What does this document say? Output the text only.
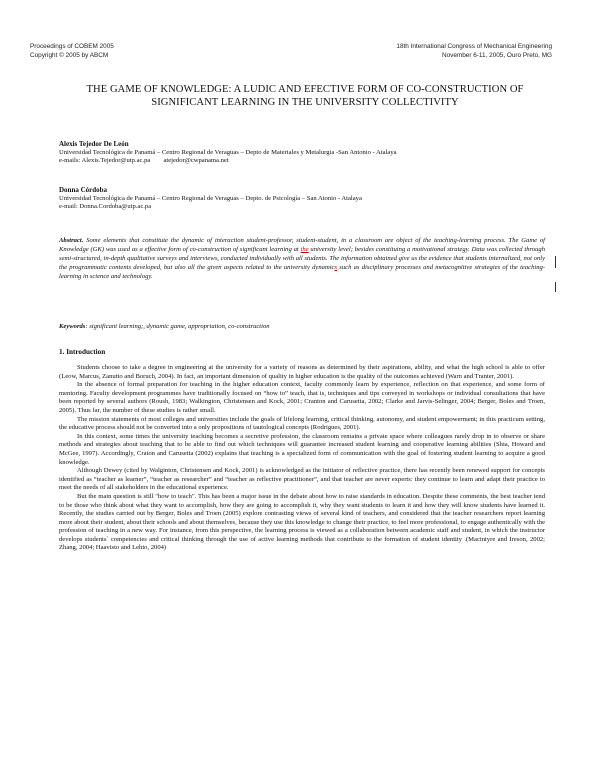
Proceedings of COBEM 2005
Copyright © 2005 by ABCM
18th International Congress of Mechanical Engineering
November 6-11, 2005, Ouro Preto, MG
THE GAME OF KNOWLEDGE: A LUDIC AND EFECTIVE FORM OF CO-CONSTRUCTION OF SIGNIFICANT LEARNING IN THE UNIVERSITY COLLECTIVITY
Alexis Tejedor De León
Universidad Tecnológica de Panamá – Centro Regional de Veraguas – Depto de Materiales y Metalurgia -San Antonio - Atalaya
e-mails: Alexis.Tejedor@utp.ac.pa        atejedor@cwpanama.net
Donna Córdoba
Universidad Tecnológica de Panamá – Centro Regional de Veraguas – Depto. de Psicología – San Atonio - Atalaya
e-mail: Donna.Cordoba@utp.ac.pa
Abstract. Some elements that constitute the dynamic of interaction student-professor, student-student, in a classroom are object of the teaching-learning process. The Game of Knowledge (GK) was used as a effective form of co-construction of significant learning at the university level; besides constituing a motivational strategy. Data was collected through semi-structured, in-depth qualitative surveys and interviews, conducted individually with all students. The information obtained give us the evidence that students internalized, not only the programmatic contents developed, but also all the given aspects related to the university dynamics such as disciplinary processes and metacognitive strategies of the teaching-learning in science and technology.
Keywords: significant learning;, dynamic game, appropriation, co-construction
1. Introduction

Students choose to take a degree in engineering at the university for a variety of reasons as determined by their aspirations, ability, and what the high school is able to offer (Leow, Marcus, Zanutto and Boruch, 2004). In fact, an important dimension of quality in higher education is the quality of the outcomes achieved (Warn and Tranter, 2001).

In the absence of formal preparation for teaching in the higher education context, faculty commonly learn by experience, reflection on that experience, and some form of mentoring. Faculty development programmes have traditionally focused on “how to” teach, that is, techniques and tips conveyed in workshops or individual consultations that have been reported by several authors (Roush, 1983; Walkington, Christensen and Kock, 2001; Cranton and Carusetta, 2002; Clarke and Jarvis-Selinger, 2004; Berger, Boles and Troen, 2005). Thus far, the number of these studies is rather small.

The mission statements of most colleges and universities include the goals of lifelong learning, critical thinking, autonomy, and student empowerment; in this practicum setting, the educative process should not be converted into a only propositions of tautological concepts (Rodrigues, 2001).

In this context, some times the university teaching becomes a secretive profession, the classroom remains a private space where colleagues rarely drop in to observe or share methods and strategies about teaching that to be able to find out which techniques will guarantee increased student learning and cooperative learning abilities (Shia, Howard and McGee, 1997). Accordingly, Craton and Carusetta (2002) explains that teaching is a specialized form of communication with the goal of fostering student learning to acquire a good knowledge.

Although Dewey (cited by Walginton, Christensen and Kock, 2001) is acknowledged as the initiator of reflective practice, there has recently been renewed support for concepts identified as “teacher as learner”, “teacher as researcher” and “teacher as reflective practitioner”, and that teacher are never experts: they continue to learn and adapt their practice to meet the needs of all stakeholders in the educational experience.

But the main question is still "how to teach". This has been a major issue in the debate about how to raise standards in education. Despite these comments, the best teacher tend to be those who think about what they want to accomplish, how they are going to accomplish it, why they want students to learn it and how they will know students have learned it. Recently, the studies carried out by Berger, Boles and Troen (2005) explore contrasting views of several kind of teachers, and considered that the teacher researchers report learning more about their student, about their schools and about themselves, because they use this knowledge to change their practice, to feel more professional, to engage authentically with the profession of teaching in a new way. For instance, from this perspective, the learning process is viewed as a collaboration between academic staff and student, in which the instructor develops students´ competencies and critical thinking through the use of active learning methods that contribute to the formation of student identity .(Macintyre and Ireson, 2002; Zhang, 2004; Haavisto and Lehto, 2004)
